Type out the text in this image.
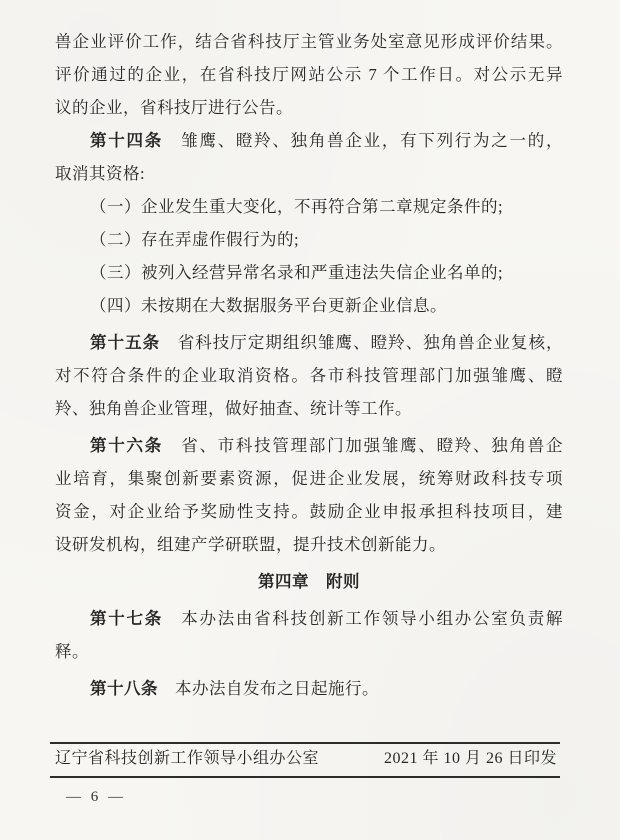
兽企业评价工作，结合省科技厅主管业务处室意见形成评价结果。
评价通过的企业，在省科技厅网站公示 7 个工作日。对公示无异
议的企业，省科技厅进行公告。
第十四条　雏鹰、瞪羚、独角兽企业，有下列行为之一的，
取消其资格:
（一）企业发生重大变化，不再符合第二章规定条件的;
（二）存在弄虚作假行为的;
（三）被列入经营异常名录和严重违法失信企业名单的;
（四）未按期在大数据服务平台更新企业信息。
第十五条　省科技厅定期组织雏鹰、瞪羚、独角兽企业复核，
对不符合条件的企业取消资格。各市科技管理部门加强雏鹰、瞪
羚、独角兽企业管理，做好抽查、统计等工作。
第十六条　省、市科技管理部门加强雏鹰、瞪羚、独角兽企
业培育，集聚创新要素资源，促进企业发展，统筹财政科技专项
资金，对企业给予奖励性支持。鼓励企业申报承担科技项目，建
设研发机构，组建产学研联盟，提升技术创新能力。
第四章　附则
第十七条　本办法由省科技创新工作领导小组办公室负责解
释。
第十八条　本办法自发布之日起施行。
辽宁省科技创新工作领导小组办公室	2021 年 10 月 26 日印发
— 6 —
